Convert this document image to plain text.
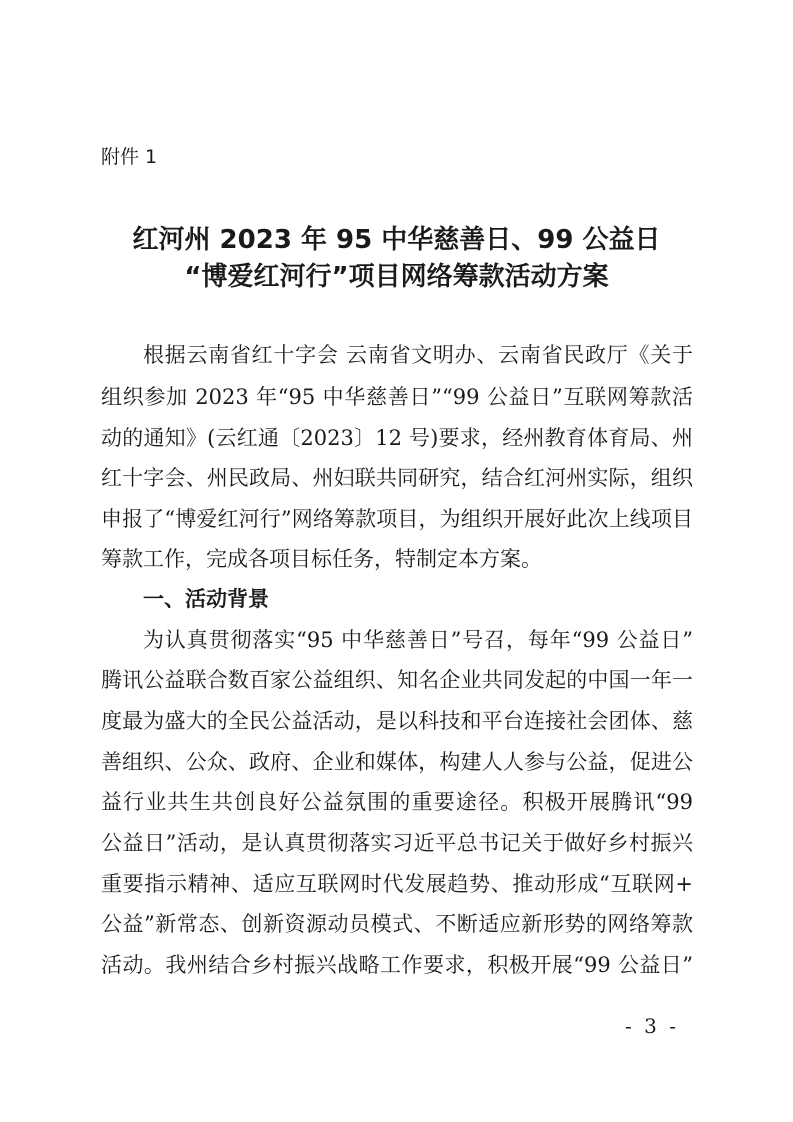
附件 1
红河州 2023 年 95 中华慈善日、99 公益日
“博爱红河行”项目网络筹款活动方案
根据云南省红十字会 云南省文明办、云南省民政厅《关于
组织参加 2023 年“95 中华慈善日”“99 公益日”互联网筹款活
动的通知》(云红通〔2023〕12 号)要求，经州教育体育局、州
红十字会、州民政局、州妇联共同研究，结合红河州实际，组织
申报了“博爱红河行”网络筹款项目，为组织开展好此次上线项目
筹款工作，完成各项目标任务，特制定本方案。
一、活动背景
为认真贯彻落实“95 中华慈善日”号召，每年“99 公益日”
腾讯公益联合数百家公益组织、知名企业共同发起的中国一年一
度最为盛大的全民公益活动，是以科技和平台连接社会团体、慈
善组织、公众、政府、企业和媒体，构建人人参与公益，促进公
益行业共生共创良好公益氛围的重要途径。积极开展腾讯“99
公益日”活动，是认真贯彻落实习近平总书记关于做好乡村振兴
重要指示精神、适应互联网时代发展趋势、推动形成“互联网+
公益”新常态、创新资源动员模式、不断适应新形势的网络筹款
活动。我州结合乡村振兴战略工作要求，积极开展“99 公益日”
- 3 -
